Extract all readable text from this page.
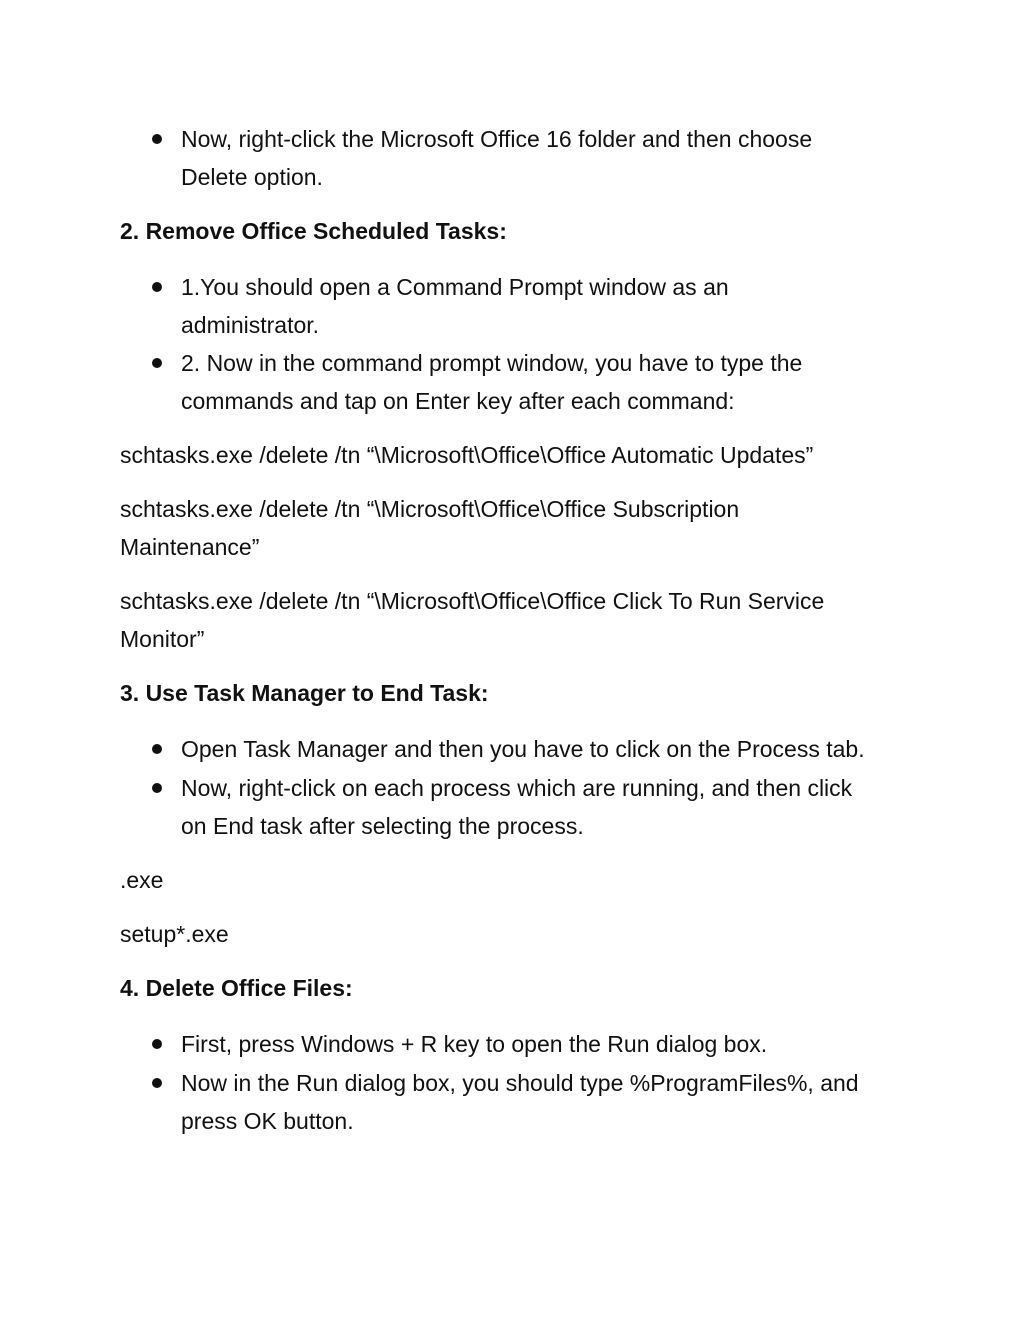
Now, right-click the Microsoft Office 16 folder and then choose
Delete option.
2. Remove Office Scheduled Tasks:
1.You should open a Command Prompt window as an
administrator.
2. Now in the command prompt window, you have to type the
commands and tap on Enter key after each command:
schtasks.exe /delete /tn “\Microsoft\Office\Office Automatic Updates”
schtasks.exe /delete /tn “\Microsoft\Office\Office Subscription
Maintenance”
schtasks.exe /delete /tn “\Microsoft\Office\Office Click To Run Service
Monitor”
3. Use Task Manager to End Task:
Open Task Manager and then you have to click on the Process tab.
Now, right-click on each process which are running, and then click
on End task after selecting the process.
.exe
setup*.exe
4. Delete Office Files:
First, press Windows + R key to open the Run dialog box.
Now in the Run dialog box, you should type %ProgramFiles%, and
press OK button.
